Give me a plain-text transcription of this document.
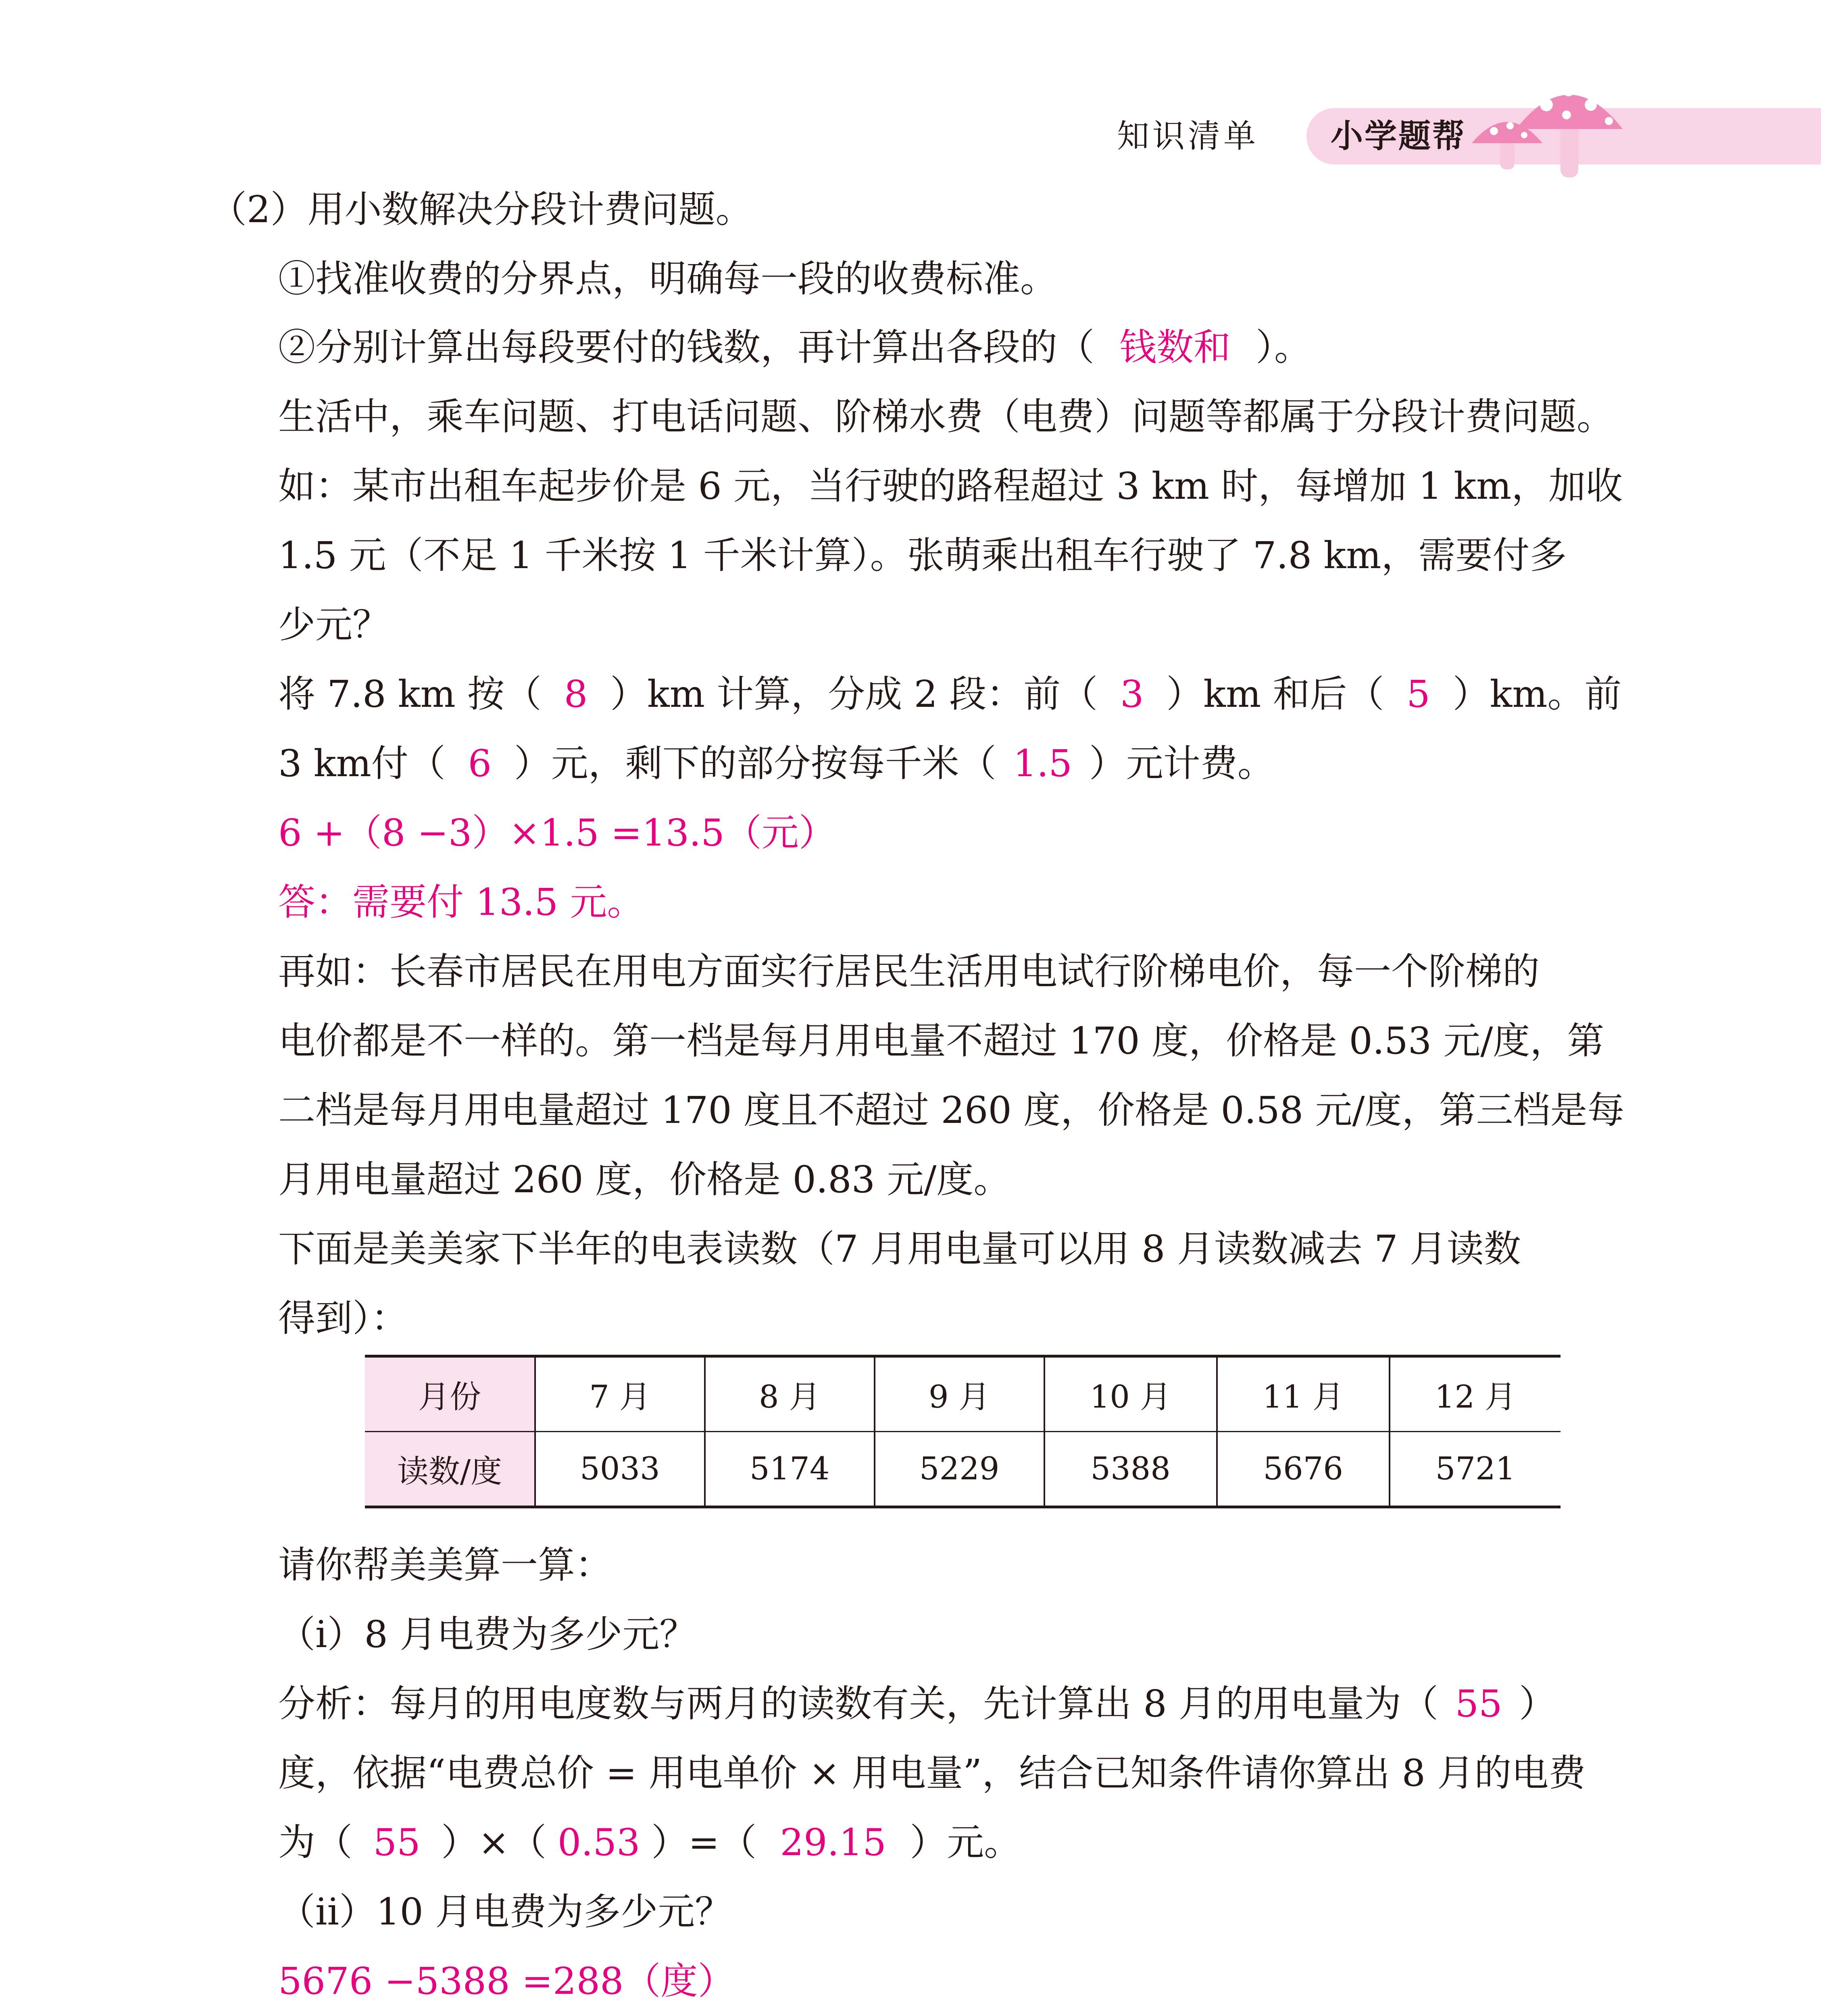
知识清单 小学题帮
（2）用小数解决分段计费问题。
①找准收费的分界点，明确每一段的收费标准。
②分别计算出每段要付的钱数，再计算出各段的（ 钱数和 ）。
生活中，乘车问题、打电话问题、阶梯水费（电费）问题等都属于分段计费问题。
如：某市出租车起步价是 6 元，当行驶的路程超过 3 km 时，每增加 1 km，加收
1.5 元（不足 1 千米按 1 千米计算）。张萌乘出租车行驶了 7.8 km，需要付多
少元？
将 7.8 km 按（ 8 ）km 计算，分成 2 段：前（ 3 ）km 和后（ 5 ）km。前
3 km付（ 6 ）元，剩下的部分按每千米（ 1.5 ）元计费。
6 +（8 −3）×1.5 =13.5（元）
答：需要付 13.5 元。
再如：长春市居民在用电方面实行居民生活用电试行阶梯电价，每一个阶梯的
电价都是不一样的。第一档是每月用电量不超过 170 度，价格是 0.53 元/度，第
二档是每月用电量超过 170 度且不超过 260 度，价格是 0.58 元/度，第三档是每
月用电量超过 260 度，价格是 0.83 元/度。
下面是美美家下半年的电表读数（7 月用电量可以用 8 月读数减去 7 月读数
得到）：
月份	7 月	8 月	9 月	10 月	11 月	12 月
读数/度	5033	5174	5229	5388	5676	5721
请你帮美美算一算：
（ⅰ）8 月电费为多少元？
分析：每月的用电度数与两月的读数有关，先计算出 8 月的用电量为（ 55 ）
度，依据“电费总价 = 用电单价 × 用电量”，结合已知条件请你算出 8 月的电费
为（ 55 ）×（ 0.53 ）=（ 29.15 ）元。
（ⅱ）10 月电费为多少元？
5676 −5388 =288（度）
